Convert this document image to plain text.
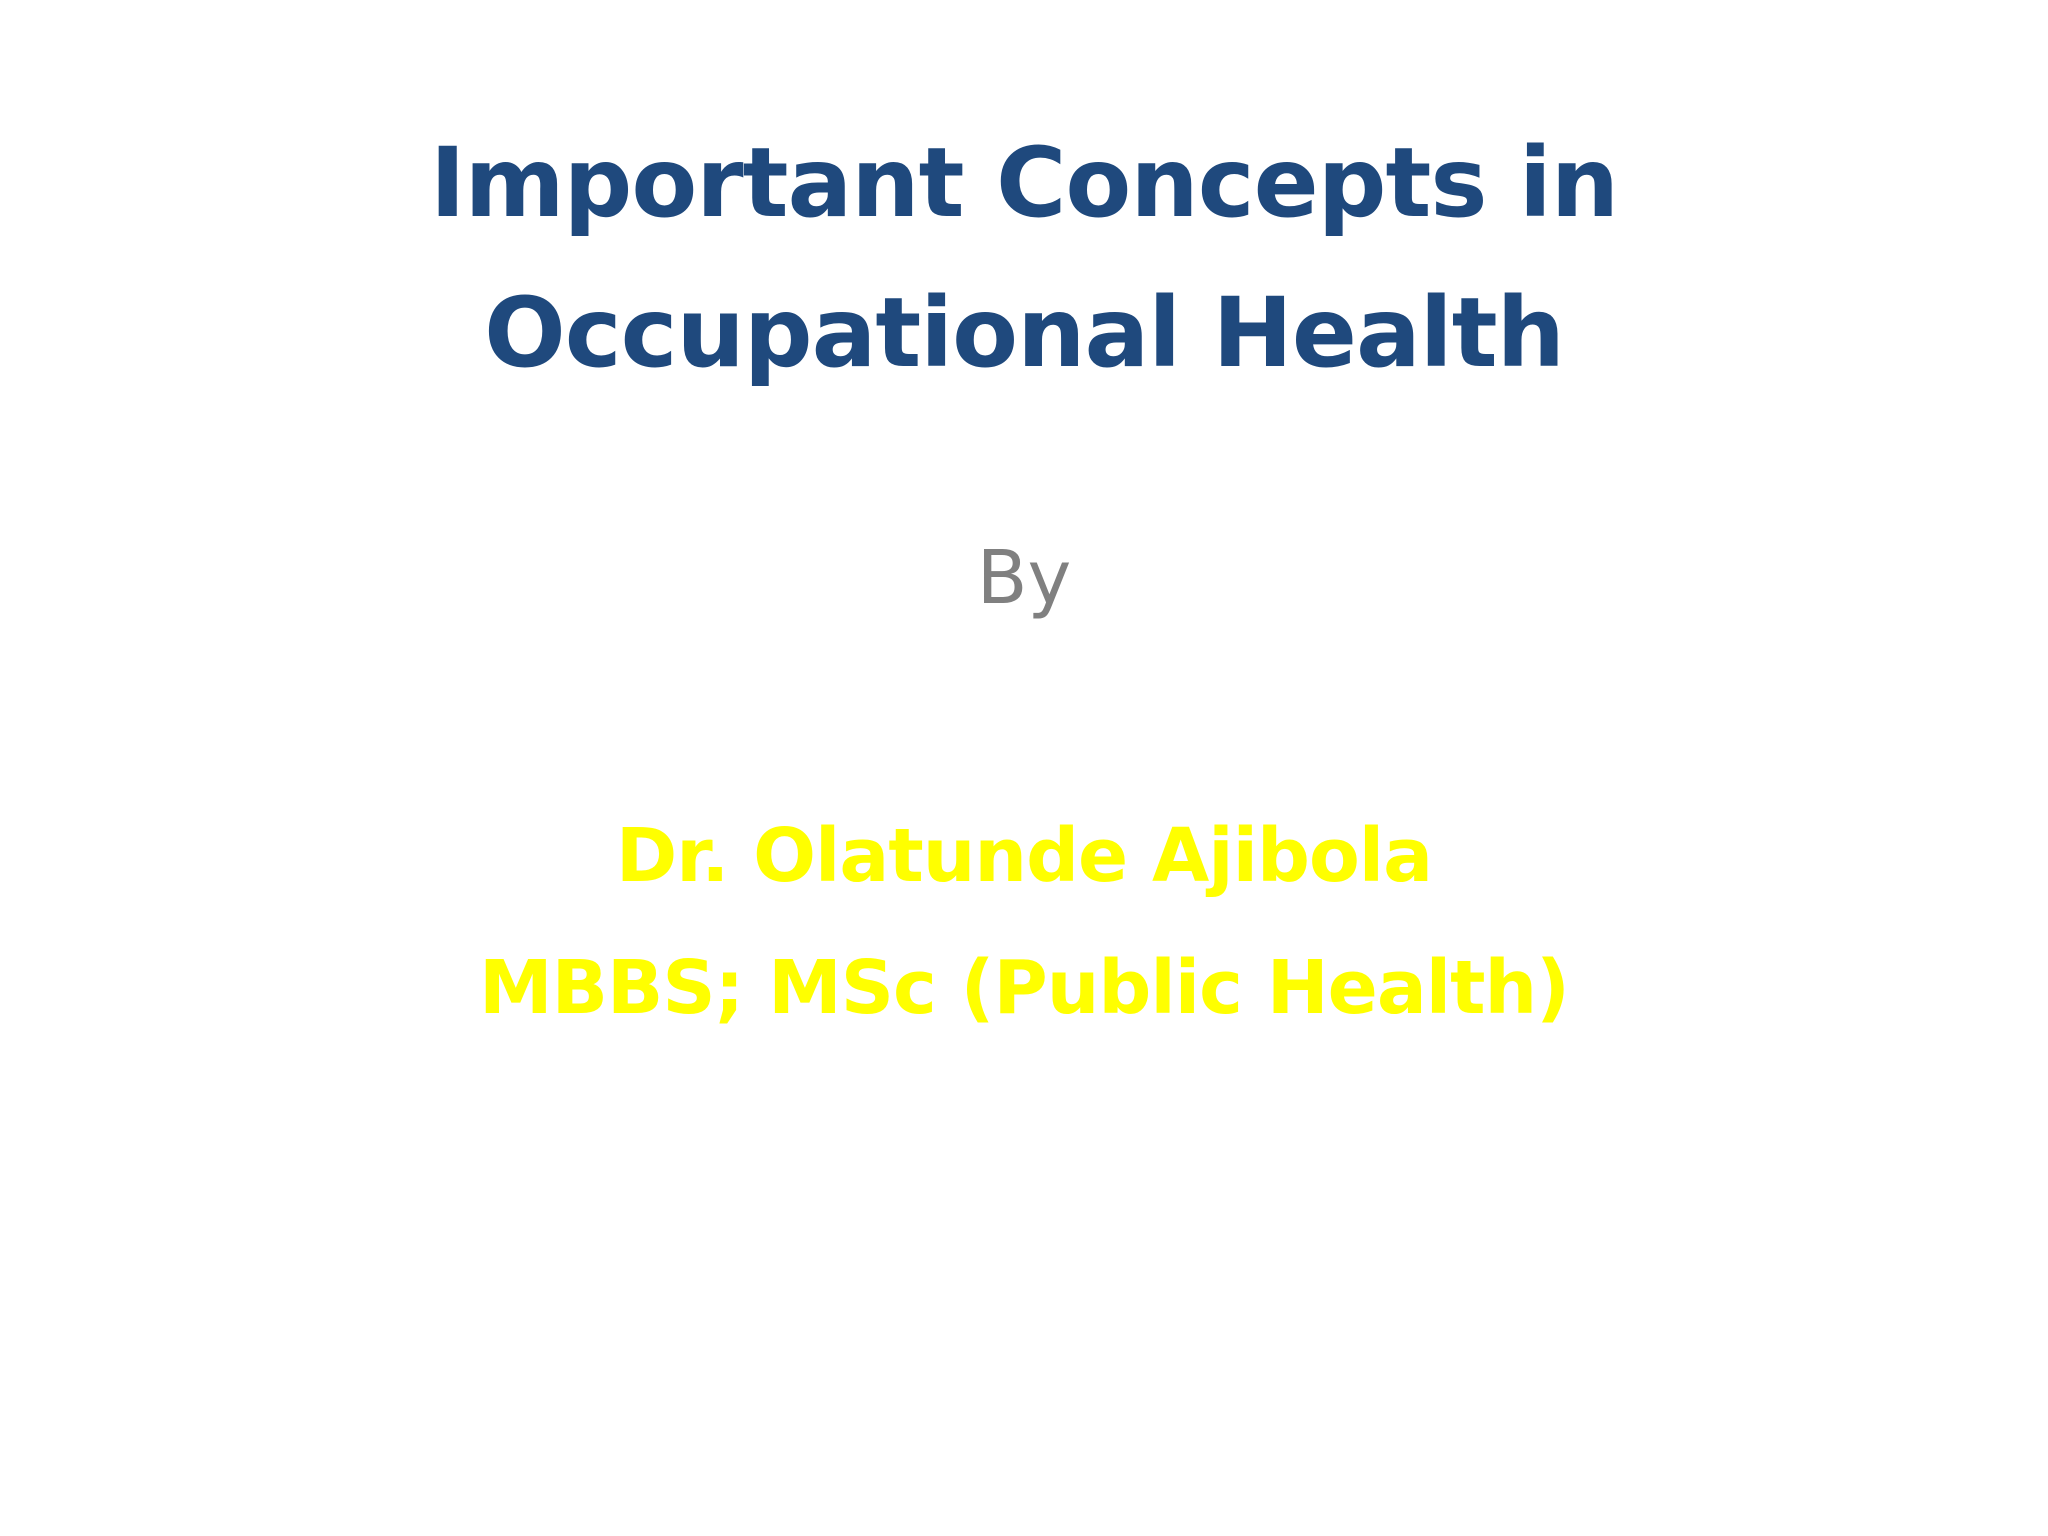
Important Concepts in
Occupational Health
By
Dr. Olatunde Ajibola
MBBS; MSc (Public Health)
